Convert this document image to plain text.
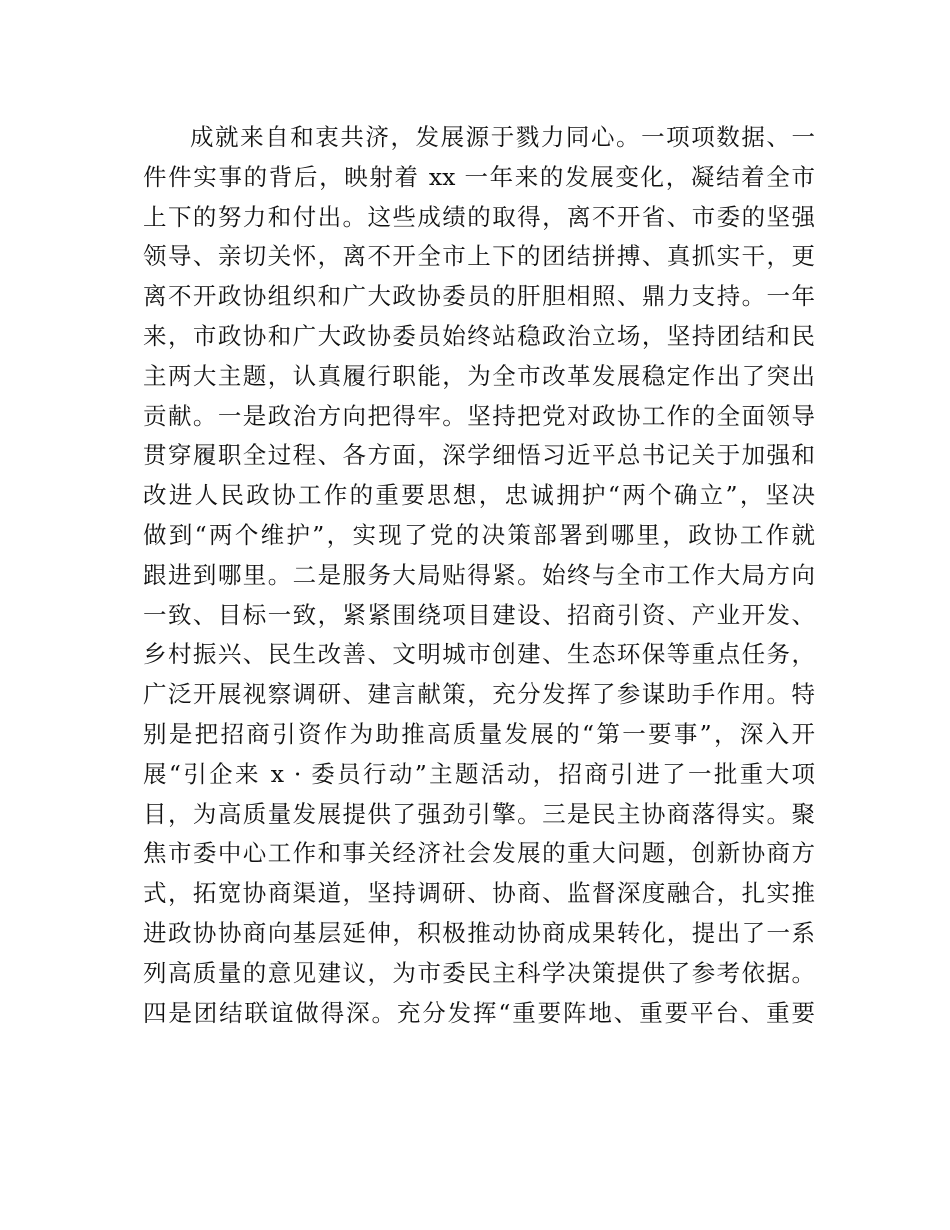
成就来自和衷共济，发展源于戮力同心。一项项数据、一
件件实事的背后，映射着 xx 一年来的发展变化，凝结着全市
上下的努力和付出。这些成绩的取得，离不开省、市委的坚强
领导、亲切关怀，离不开全市上下的团结拼搏、真抓实干，更
离不开政协组织和广大政协委员的肝胆相照、鼎力支持。一年
来，市政协和广大政协委员始终站稳政治立场，坚持团结和民
主两大主题，认真履行职能，为全市改革发展稳定作出了突出
贡献。一是政治方向把得牢。坚持把党对政协工作的全面领导
贯穿履职全过程、各方面，深学细悟习近平总书记关于加强和
改进人民政协工作的重要思想，忠诚拥护“两个确立”，坚决
做到“两个维护”，实现了党的决策部署到哪里，政协工作就
跟进到哪里。二是服务大局贴得紧。始终与全市工作大局方向
一致、目标一致，紧紧围绕项目建设、招商引资、产业开发、
乡村振兴、民生改善、文明城市创建、生态环保等重点任务，
广泛开展视察调研、建言献策，充分发挥了参谋助手作用。特
别是把招商引资作为助推高质量发展的“第一要事”，深入开
展“引企来 x · 委员行动”主题活动，招商引进了一批重大项
目，为高质量发展提供了强劲引擎。三是民主协商落得实。聚
焦市委中心工作和事关经济社会发展的重大问题，创新协商方
式，拓宽协商渠道，坚持调研、协商、监督深度融合，扎实推
进政协协商向基层延伸，积极推动协商成果转化，提出了一系
列高质量的意见建议，为市委民主科学决策提供了参考依据。
四是团结联谊做得深。充分发挥“重要阵地、重要平台、重要
